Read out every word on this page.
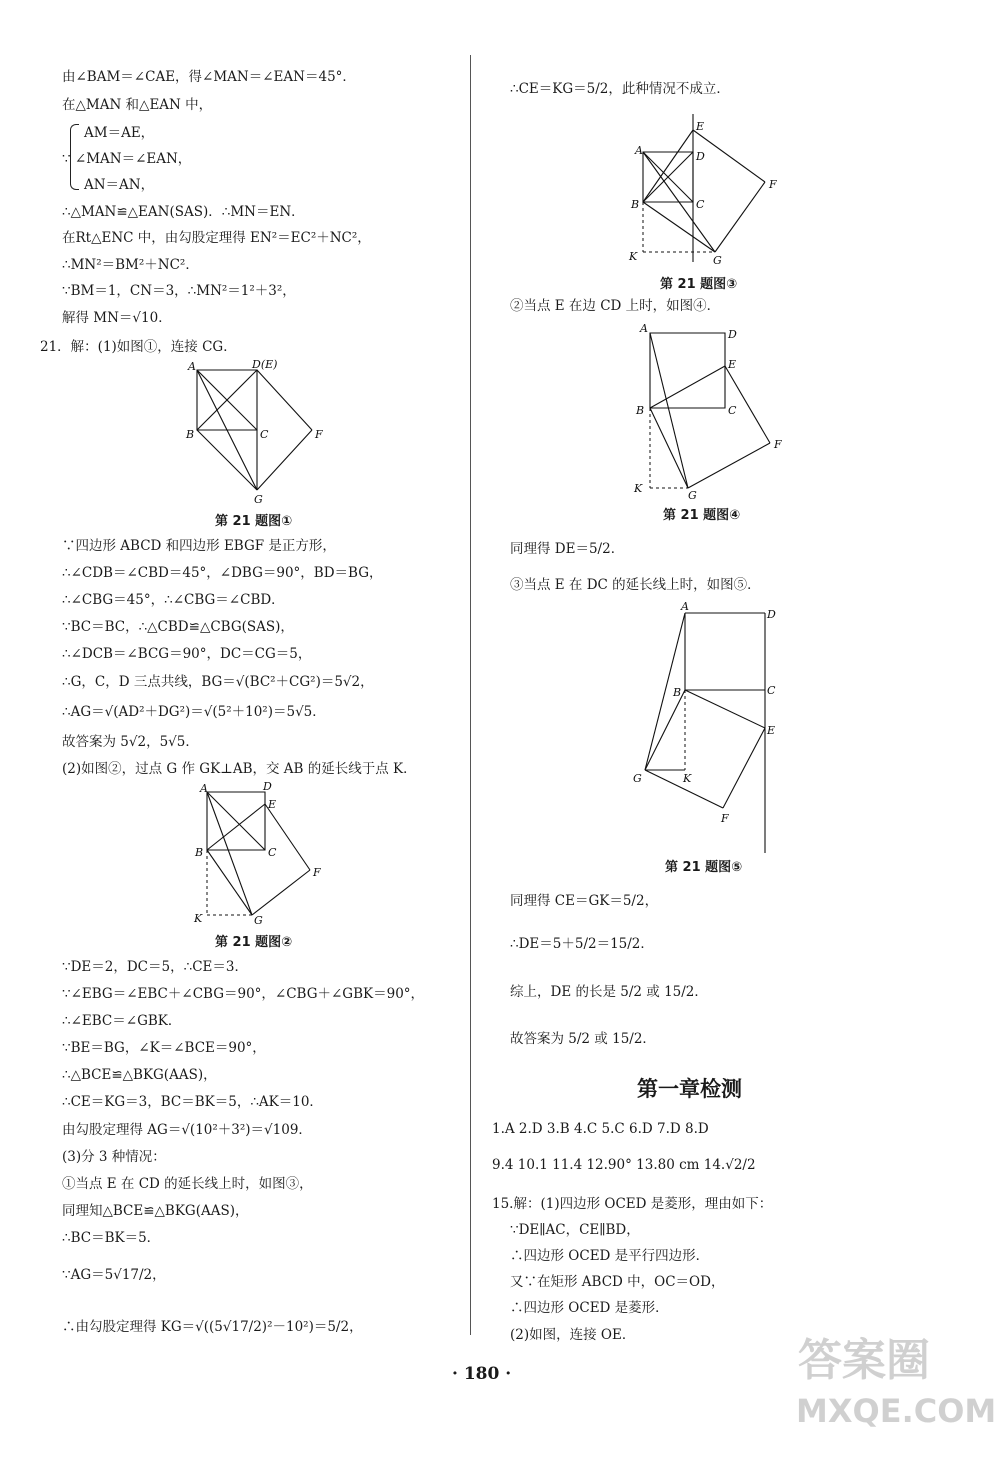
由∠BAM＝∠CAE，得∠MAN＝∠EAN＝45°．
在△MAN 和△EAN 中，
AM＝AE，
∵ ∠MAN＝∠EAN，
AN＝AN，
∴△MAN≌△EAN(SAS)．∴MN＝EN．
在Rt△ENC 中，由勾股定理得 EN²＝EC²＋NC²，
∴MN²＝BM²＋NC²．
∵BM＝1，CN＝3，∴MN²＝1²＋3²，
解得 MN＝√10．
21．解：(1)如图①，连接 CG．
A	D(E)
B	C	F
G
第 21 题图①
∵四边形 ABCD 和四边形 EBGF 是正方形，
∴∠CDB＝∠CBD＝45°，∠DBG＝90°，BD＝BG，
∴∠CBG＝45°，∴∠CBG＝∠CBD．
∵BC＝BC，∴△CBD≌△CBG(SAS)，
∴∠DCB＝∠BCG＝90°，DC＝CG＝5，
∴G，C，D 三点共线，BG＝√(BC²＋CG²)＝5√2，
∴AG＝√(AD²＋DG²)＝√(5²＋10²)＝5√5．
故答案为 5√2，5√5．
(2)如图②，过点 G 作 GK⊥AB，交 AB 的延长线于点 K．
A	D
E
B	C
F
K	G
第 21 题图②
∵DE＝2，DC＝5，∴CE＝3．
∵∠EBG＝∠EBC＋∠CBG＝90°，∠CBG＋∠GBK＝90°，
∴∠EBC＝∠GBK．
∵BE＝BG，∠K＝∠BCE＝90°，
∴△BCE≌△BKG(AAS)，
∴CE＝KG＝3，BC＝BK＝5，∴AK＝10．
由勾股定理得 AG＝√(10²＋3²)＝√109．
(3)分 3 种情况：
①当点 E 在 CD 的延长线上时，如图③，
同理知△BCE≌△BKG(AAS)，
∴BC＝BK＝5．
∵AG＝5√17/2，
∴由勾股定理得 KG＝√((5√17/2)²－10²)＝5/2，
∴CE＝KG＝5/2，此种情况不成立．
E
A	D
F
B	C
K	G
第 21 题图③
②当点 E 在边 CD 上时，如图④．
A	D
E
B	C
F
K
G
第 21 题图④
同理得 DE＝5/2．
③当点 E 在 DC 的延长线上时，如图⑤．
A
D
B	C
E
G	K
F
第 21 题图⑤
同理得 CE＝GK＝5/2，
∴DE＝5＋5/2＝15/2．
综上，DE 的长是 5/2 或 15/2．
故答案为 5/2 或 15/2．
第一章检测
1.A 2.D 3.B 4.C 5.C 6.D 7.D 8.D
9.4 10.1 11.4 12.90° 13.80 cm 14.√2/2
15.解：(1)四边形 OCED 是菱形，理由如下：
∵DE∥AC，CE∥BD，
∴四边形 OCED 是平行四边形．
又∵在矩形 ABCD 中，OC＝OD，
∴四边形 OCED 是菱形．
(2)如图，连接 OE．
· 180 ·	答案圈
MXQE.COM
